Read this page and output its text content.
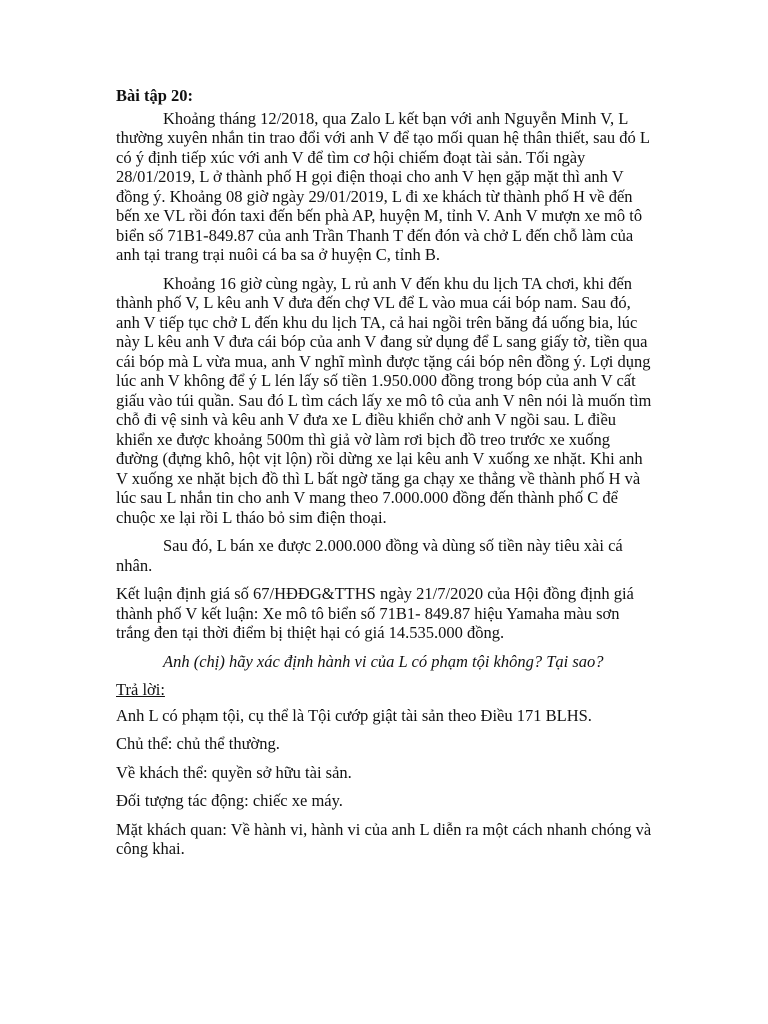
Bài tập 20:

Khoảng tháng 12/2018, qua Zalo L kết bạn với anh Nguyễn Minh V, L thường xuyên nhắn tin trao đổi với anh V để tạo mối quan hệ thân thiết, sau đó L có ý định tiếp xúc với anh V để tìm cơ hội chiếm đoạt tài sản. Tối ngày 28/01/2019, L ở thành phố H gọi điện thoại cho anh V hẹn gặp mặt thì anh V đồng ý. Khoảng 08 giờ ngày 29/01/2019, L đi xe khách từ thành phố H về đến bến xe VL rồi đón taxi đến bến phà AP, huyện M, tỉnh V. Anh V mượn xe mô tô biển số 71B1-849.87 của anh Trần Thanh T đến đón và chở L đến chỗ làm của anh tại trang trại nuôi cá ba sa ở huyện C, tỉnh B.

Khoảng 16 giờ cùng ngày, L rủ anh V đến khu du lịch TA chơi, khi đến thành phố V, L kêu anh V đưa đến chợ VL để L vào mua cái bóp nam. Sau đó, anh V tiếp tục chở L đến khu du lịch TA, cả hai ngồi trên băng đá uống bia, lúc này L kêu anh V đưa cái bóp của anh V đang sử dụng để L sang giấy tờ, tiền qua cái bóp mà L vừa mua, anh V nghĩ mình được tặng cái bóp nên đồng ý. Lợi dụng lúc anh V không để ý L lén lấy số tiền 1.950.000 đồng trong bóp của anh V cất giấu vào túi quần. Sau đó L tìm cách lấy xe mô tô của anh V nên nói là muốn tìm chỗ đi vệ sinh và kêu anh V đưa xe L điều khiển chở anh V ngồi sau. L điều khiển xe được khoảng 500m thì giả vờ làm rơi bịch đồ treo trước xe xuống đường (đựng khô, hột vịt lộn) rồi dừng xe lại kêu anh V xuống xe nhặt. Khi anh V xuống xe nhặt bịch đồ thì L bất ngờ tăng ga chạy xe thẳng về thành phố H và lúc sau L nhắn tin cho anh V mang theo 7.000.000 đồng đến thành phố C để chuộc xe lại rồi L tháo bỏ sim điện thoại.

Sau đó, L bán xe được 2.000.000 đồng và dùng số tiền này tiêu xài cá nhân.

Kết luận định giá số 67/HĐĐG&TTHS ngày 21/7/2020 của Hội đồng định giá thành phố V kết luận: Xe mô tô biển số 71B1- 849.87 hiệu Yamaha màu sơn trắng đen tại thời điểm bị thiệt hại có giá 14.535.000 đồng.

Anh (chị) hãy xác định hành vi của L có phạm tội không? Tại sao?

Trả lời:

Anh L có phạm tội, cụ thể là Tội cướp giật tài sản theo Điều 171 BLHS.

Chủ thể: chủ thể thường.

Về khách thể: quyền sở hữu tài sản.

Đối tượng tác động: chiếc xe máy.

Mặt khách quan: Về hành vi, hành vi của anh L diễn ra một cách nhanh chóng và công khai.
